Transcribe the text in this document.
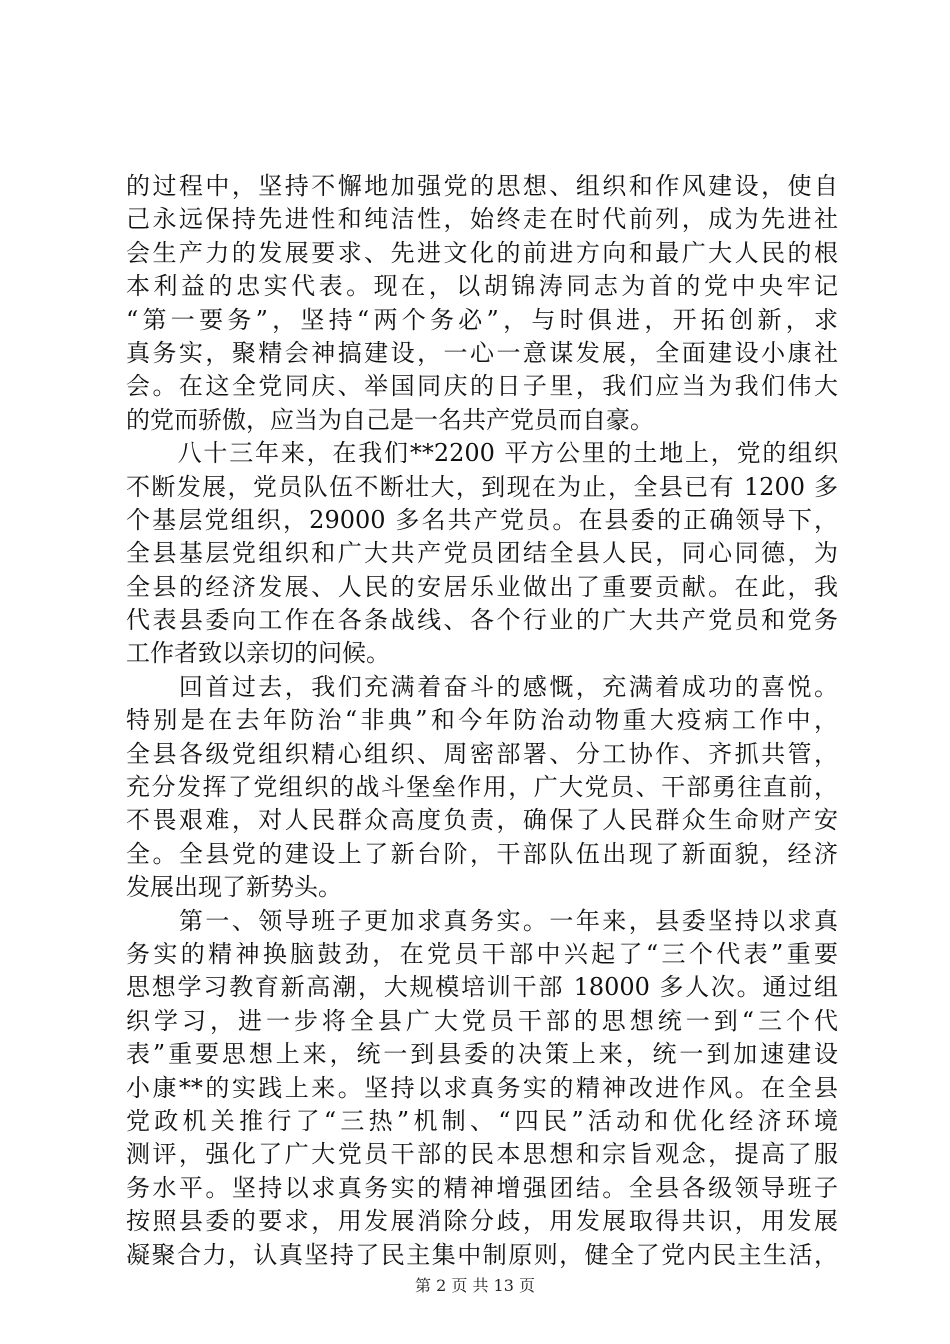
的过程中，坚持不懈地加强党的思想、组织和作风建设，使自
己永远保持先进性和纯洁性，始终走在时代前列，成为先进社
会生产力的发展要求、先进文化的前进方向和最广大人民的根
本利益的忠实代表。现在，以胡锦涛同志为首的党中央牢记
“第一要务”，坚持“两个务必”，与时俱进，开拓创新，求
真务实，聚精会神搞建设，一心一意谋发展，全面建设小康社
会。在这全党同庆、举国同庆的日子里，我们应当为我们伟大
的党而骄傲，应当为自己是一名共产党员而自豪。
　　八十三年来，在我们**2200 平方公里的土地上，党的组织
不断发展，党员队伍不断壮大，到现在为止，全县已有 1200 多
个基层党组织，29000 多名共产党员。在县委的正确领导下，
全县基层党组织和广大共产党员团结全县人民，同心同德，为
全县的经济发展、人民的安居乐业做出了重要贡献。在此，我
代表县委向工作在各条战线、各个行业的广大共产党员和党务
工作者致以亲切的问候。
　　回首过去，我们充满着奋斗的感慨，充满着成功的喜悦。
特别是在去年防治“非典”和今年防治动物重大疫病工作中，
全县各级党组织精心组织、周密部署、分工协作、齐抓共管，
充分发挥了党组织的战斗堡垒作用，广大党员、干部勇往直前，
不畏艰难，对人民群众高度负责，确保了人民群众生命财产安
全。全县党的建设上了新台阶，干部队伍出现了新面貌，经济
发展出现了新势头。
　　第一、领导班子更加求真务实。一年来，县委坚持以求真
务实的精神换脑鼓劲，在党员干部中兴起了“三个代表”重要
思想学习教育新高潮，大规模培训干部 18000 多人次。通过组
织学习，进一步将全县广大党员干部的思想统一到“三个代
表”重要思想上来，统一到县委的决策上来，统一到加速建设
小康**的实践上来。坚持以求真务实的精神改进作风。在全县
党政机关推行了“三热”机制、“四民”活动和优化经济环境
测评，强化了广大党员干部的民本思想和宗旨观念，提高了服
务水平。坚持以求真务实的精神增强团结。全县各级领导班子
按照县委的要求，用发展消除分歧，用发展取得共识，用发展
凝聚合力，认真坚持了民主集中制原则，健全了党内民主生活，
第 2 页 共 13 页
